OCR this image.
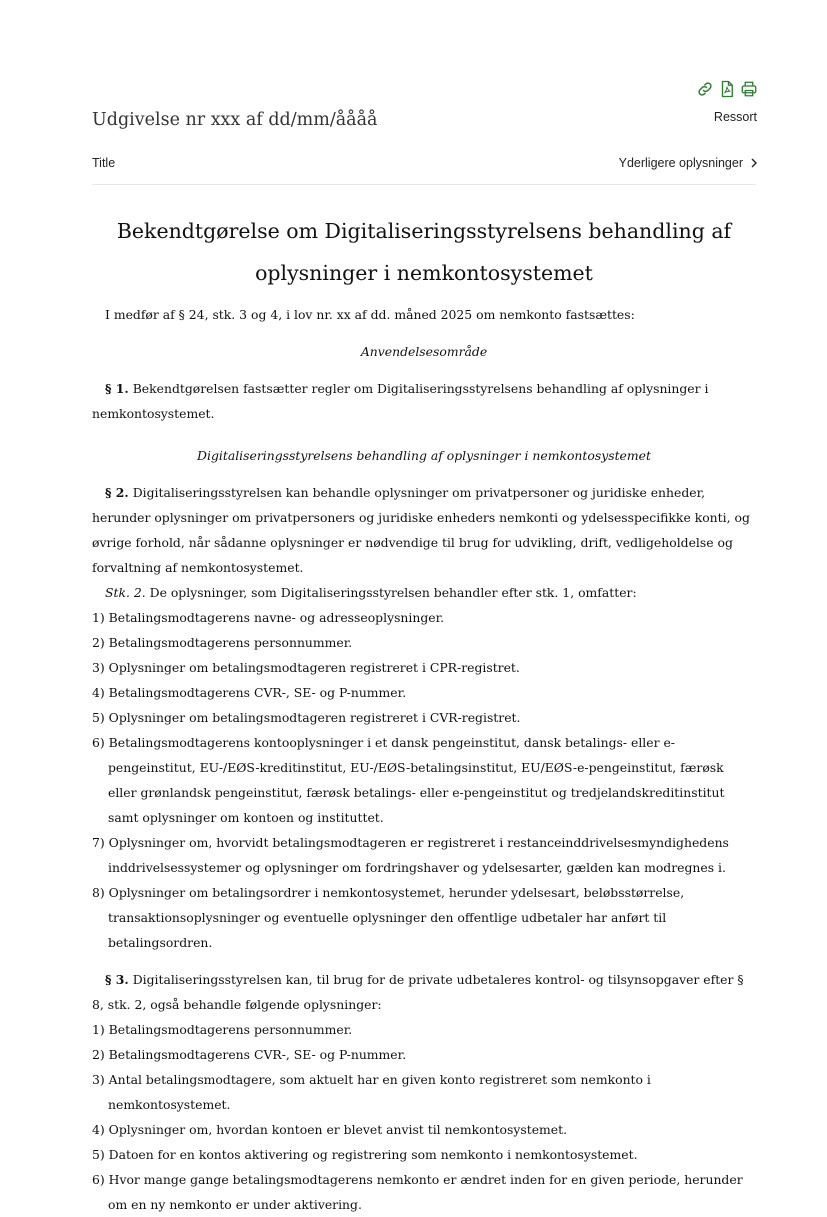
Ressort
Udgivelse nr xxx af dd/mm/åååå
Title	Yderligere oplysninger
Bekendtgørelse om Digitaliseringsstyrelsens behandling af oplysninger i nemkontosystemet

I medfør af § 24, stk. 3 og 4, i lov nr. xx af dd. måned 2025 om nemkonto fastsættes:

Anvendelsesområde

§ 1. Bekendtgørelsen fastsætter regler om Digitaliseringsstyrelsens behandling af oplysninger i nemkontosystemet.

Digitaliseringsstyrelsens behandling af oplysninger i nemkontosystemet

§ 2. Digitaliseringsstyrelsen kan behandle oplysninger om privatpersoner og juridiske enheder, herunder oplysninger om privatpersoners og juridiske enheders nemkonti og ydelsesspecifikke konti, og øvrige forhold, når sådanne oplysninger er nødvendige til brug for udvikling, drift, vedligeholdelse og forvaltning af nemkontosystemet.

Stk. 2. De oplysninger, som Digitaliseringsstyrelsen behandler efter stk. 1, omfatter:

1) Betalingsmodtagerens navne- og adresseoplysninger.

2) Betalingsmodtagerens personnummer.

3) Oplysninger om betalingsmodtageren registreret i CPR-registret.

4) Betalingsmodtagerens CVR-, SE- og P-nummer.

5) Oplysninger om betalingsmodtageren registreret i CVR-registret.

6) Betalingsmodtagerens kontooplysninger i et dansk pengeinstitut, dansk betalings- eller e-pengeinstitut, EU-/EØS-kreditinstitut, EU-/EØS-betalingsinstitut, EU/EØS-e-pengeinstitut, færøsk eller grønlandsk pengeinstitut, færøsk betalings- eller e-pengeinstitut og tredjelandskreditinstitut samt oplysninger om kontoen og instituttet.

7) Oplysninger om, hvorvidt betalingsmodtageren er registreret i restanceinddrivelsesmyndighedens inddrivelsessystemer og oplysninger om fordringshaver og ydelsesarter, gælden kan modregnes i.

8) Oplysninger om betalingsordrer i nemkontosystemet, herunder ydelsesart, beløbsstørrelse, transaktionsoplysninger og eventuelle oplysninger den offentlige udbetaler har anført til betalingsordren.

§ 3. Digitaliseringsstyrelsen kan, til brug for de private udbetaleres kontrol- og tilsynsopgaver efter § 8, stk. 2, også behandle følgende oplysninger:

1) Betalingsmodtagerens personnummer.

2) Betalingsmodtagerens CVR-, SE- og P-nummer.

3) Antal betalingsmodtagere, som aktuelt har en given konto registreret som nemkonto i nemkontosystemet.

4) Oplysninger om, hvordan kontoen er blevet anvist til nemkontosystemet.

5) Datoen for en kontos aktivering og registrering som nemkonto i nemkontosystemet.

6) Hvor mange gange betalingsmodtagerens nemkonto er ændret inden for en given periode, herunder om en ny nemkonto er under aktivering.
